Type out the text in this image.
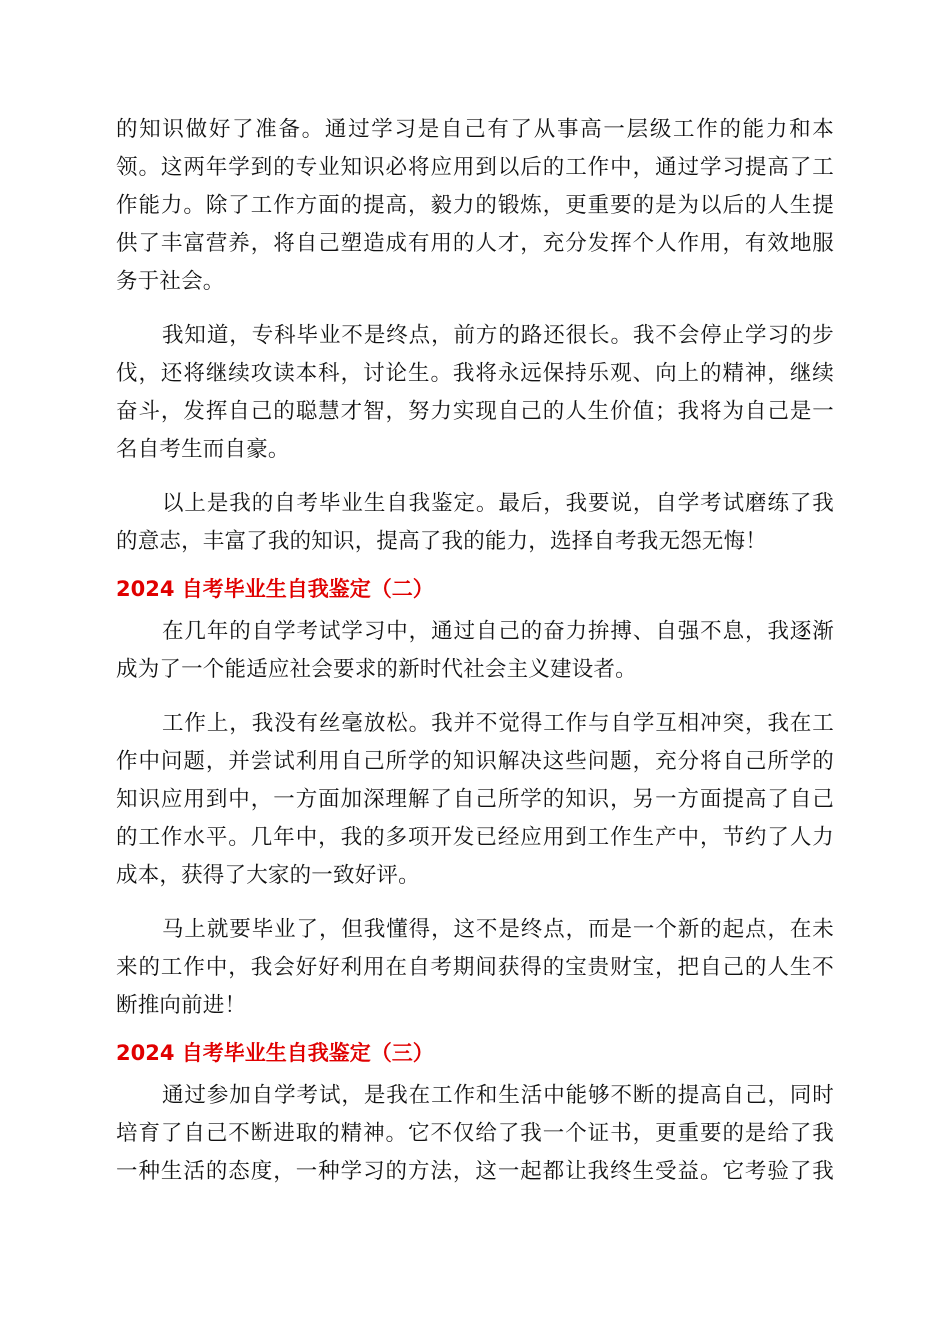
的知识做好了准备。通过学习是自己有了从事高一层级工作的能力和本
领。这两年学到的专业知识必将应用到以后的工作中，通过学习提高了工
作能力。除了工作方面的提高，毅力的锻炼，更重要的是为以后的人生提
供了丰富营养，将自己塑造成有用的人才，充分发挥个人作用，有效地服
务于社会。

我知道，专科毕业不是终点，前方的路还很长。我不会停止学习的步
伐，还将继续攻读本科，讨论生。我将永远保持乐观、向上的精神，继续
奋斗，发挥自己的聪慧才智，努力实现自己的人生价值；我将为自己是一
名自考生而自豪。

以上是我的自考毕业生自我鉴定。最后，我要说，自学考试磨练了我
的意志，丰富了我的知识，提高了我的能力，选择自考我无怨无悔！

2024 自考毕业生自我鉴定（二）

在几年的自学考试学习中，通过自己的奋力拚搏、自强不息，我逐渐
成为了一个能适应社会要求的新时代社会主义建设者。

工作上，我没有丝毫放松。我并不觉得工作与自学互相冲突，我在工
作中问题，并尝试利用自己所学的知识解决这些问题，充分将自己所学的
知识应用到中，一方面加深理解了自己所学的知识，另一方面提高了自己
的工作水平。几年中，我的多项开发已经应用到工作生产中，节约了人力
成本，获得了大家的一致好评。

马上就要毕业了，但我懂得，这不是终点，而是一个新的起点，在未
来的工作中，我会好好利用在自考期间获得的宝贵财宝，把自己的人生不
断推向前进！

2024 自考毕业生自我鉴定（三）

通过参加自学考试，是我在工作和生活中能够不断的提高自己，同时
培育了自己不断进取的精神。它不仅给了我一个证书，更重要的是给了我
一种生活的态度，一种学习的方法，这一起都让我终生受益。它考验了我
